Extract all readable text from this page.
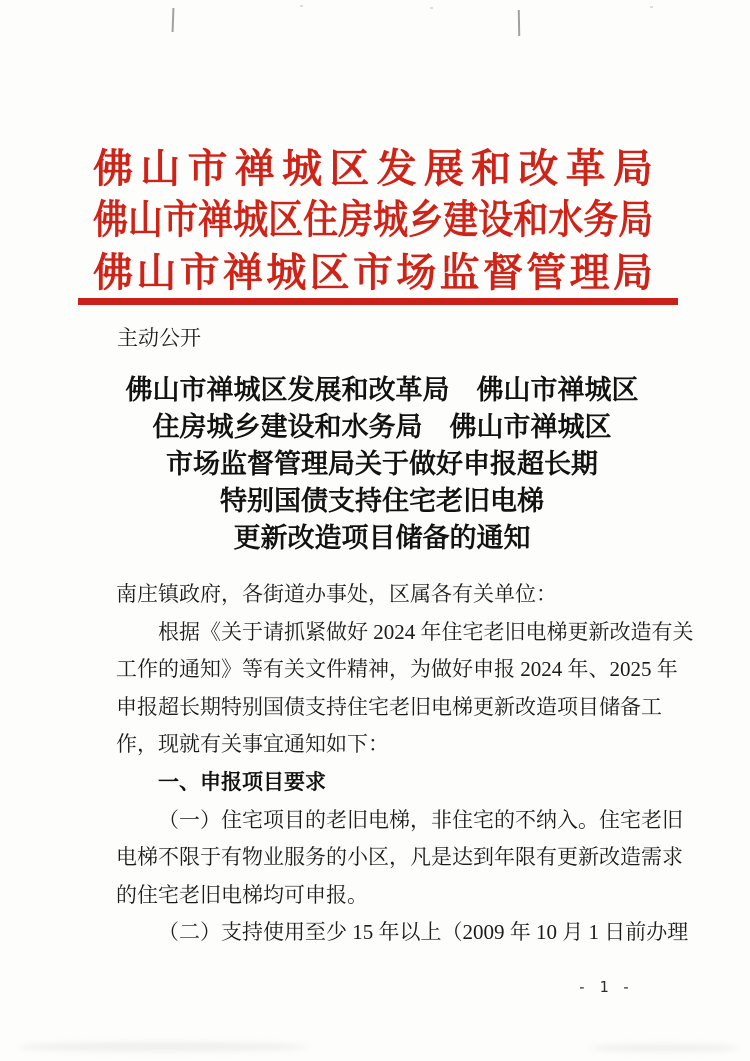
佛 山 市 禅 城 区 发 展 和 改 革 局
佛 山 市 禅 城 区 住 房 城 乡 建 设 和 水 务 局
佛 山 市 禅 城 区 市 场 监 督 管 理 局
主动公开
佛山市禅城区发展和改革局　佛山市禅城区
住房城乡建设和水务局　佛山市禅城区
市场监督管理局关于做好申报超长期
特别国债支持住宅老旧电梯
更新改造项目储备的通知
南庄镇政府，各街道办事处，区属各有关单位：
根据《关于请抓紧做好 2024 年住宅老旧电梯更新改造有关
工作的通知》等有关文件精神，为做好申报 2024 年、2025 年
申报超长期特别国债支持住宅老旧电梯更新改造项目储备工
作，现就有关事宜通知如下：
一、申报项目要求
（一）住宅项目的老旧电梯，非住宅的不纳入。住宅老旧
电梯不限于有物业服务的小区，凡是达到年限有更新改造需求
的住宅老旧电梯均可申报。
（二）支持使用至少 15 年以上（2009 年 10 月 1 日前办理
- 1 -
